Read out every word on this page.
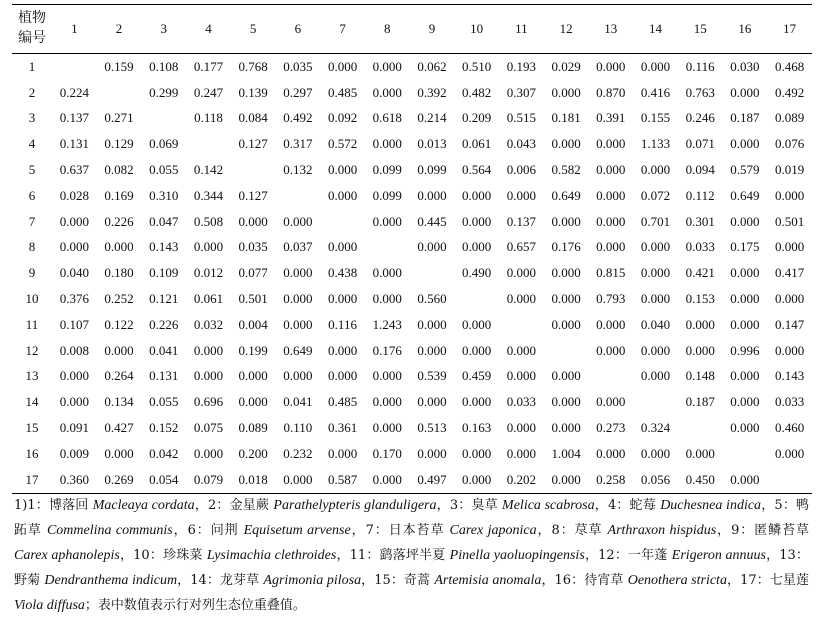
植物
编号	1	2	3	4	5	6	7	8	9	10	11	12	13	14	15	16	17
1		0.159	0.108	0.177	0.768	0.035	0.000	0.000	0.062	0.510	0.193	0.029	0.000	0.000	0.116	0.030	0.468
2	0.224		0.299	0.247	0.139	0.297	0.485	0.000	0.392	0.482	0.307	0.000	0.870	0.416	0.763	0.000	0.492
3	0.137	0.271		0.118	0.084	0.492	0.092	0.618	0.214	0.209	0.515	0.181	0.391	0.155	0.246	0.187	0.089
4	0.131	0.129	0.069		0.127	0.317	0.572	0.000	0.013	0.061	0.043	0.000	0.000	1.133	0.071	0.000	0.076
5	0.637	0.082	0.055	0.142		0.132	0.000	0.099	0.099	0.564	0.006	0.582	0.000	0.000	0.094	0.579	0.019
6	0.028	0.169	0.310	0.344	0.127		0.000	0.099	0.000	0.000	0.000	0.649	0.000	0.072	0.112	0.649	0.000
7	0.000	0.226	0.047	0.508	0.000	0.000		0.000	0.445	0.000	0.137	0.000	0.000	0.701	0.301	0.000	0.501
8	0.000	0.000	0.143	0.000	0.035	0.037	0.000		0.000	0.000	0.657	0.176	0.000	0.000	0.033	0.175	0.000
9	0.040	0.180	0.109	0.012	0.077	0.000	0.438	0.000		0.490	0.000	0.000	0.815	0.000	0.421	0.000	0.417
10	0.376	0.252	0.121	0.061	0.501	0.000	0.000	0.000	0.560		0.000	0.000	0.793	0.000	0.153	0.000	0.000
11	0.107	0.122	0.226	0.032	0.004	0.000	0.116	1.243	0.000	0.000		0.000	0.000	0.040	0.000	0.000	0.147
12	0.008	0.000	0.041	0.000	0.199	0.649	0.000	0.176	0.000	0.000	0.000		0.000	0.000	0.000	0.996	0.000
13	0.000	0.264	0.131	0.000	0.000	0.000	0.000	0.000	0.539	0.459	0.000	0.000		0.000	0.148	0.000	0.143
14	0.000	0.134	0.055	0.696	0.000	0.041	0.485	0.000	0.000	0.000	0.033	0.000	0.000		0.187	0.000	0.033
15	0.091	0.427	0.152	0.075	0.089	0.110	0.361	0.000	0.513	0.163	0.000	0.000	0.273	0.324		0.000	0.460
16	0.009	0.000	0.042	0.000	0.200	0.232	0.000	0.170	0.000	0.000	0.000	1.004	0.000	0.000	0.000		0.000
17	0.360	0.269	0.054	0.079	0.018	0.000	0.587	0.000	0.497	0.000	0.202	0.000	0.258	0.056	0.450	0.000	
1)1：博落回 Macleaya cordata，2：金星蕨 Parathelypteris glanduligera，3：臭草 Melica scabrosa，4：蛇莓 Duchesnea indica，5：鸭跖草 Commelina communis，6：问荆 Equisetum arvense，7：日本苔草 Carex japonica，8：荩草 Arthraxon hispidus，9：匿鳞苔草 Carex aphanolepis，10：珍珠菜 Lysimachia clethroides，11：鹞落坪半夏 Pinella yaoluopingensis，12：一年蓬 Erigeron annuus，13：野菊 Dendranthema indicum，14：龙芽草 Agrimonia pilosa，15：奇蒿 Artemisia anomala，16：待宵草 Oenothera stricta，17：七星莲 Viola diffusa；表中数值表示行对列生态位重叠值。
